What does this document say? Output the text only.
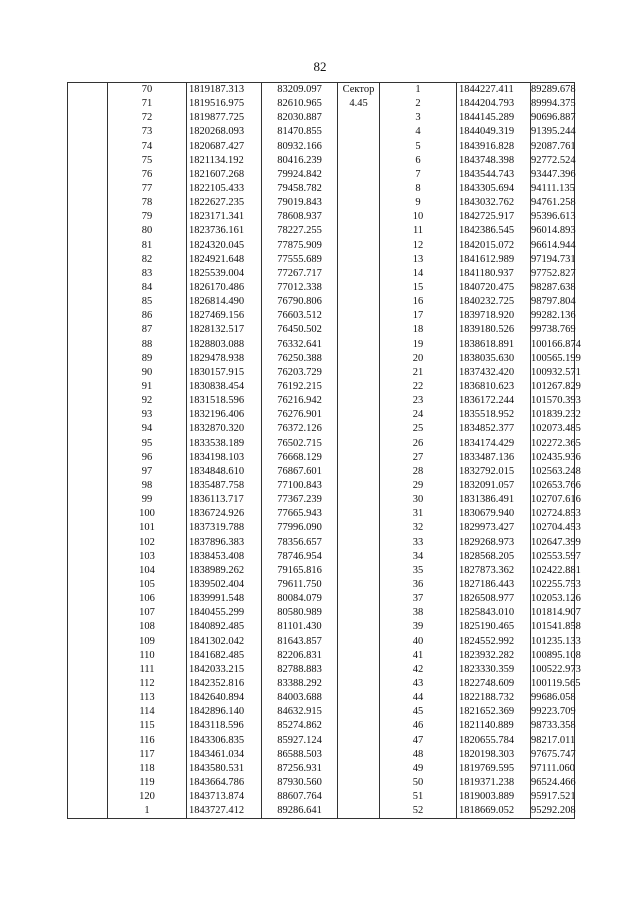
82
	70	1819187.313	83209.097	Сектор	1	1844227.411	89289.678
	71	1819516.975	82610.965	4.45	2	1844204.793	89994.375
	72	1819877.725	82030.887		3	1844145.289	90696.887
	73	1820268.093	81470.855		4	1844049.319	91395.244
	74	1820687.427	80932.166		5	1843916.828	92087.761
	75	1821134.192	80416.239		6	1843748.398	92772.524
	76	1821607.268	79924.842		7	1843544.743	93447.396
	77	1822105.433	79458.782		8	1843305.694	94111.135
	78	1822627.235	79019.843		9	1843032.762	94761.258
	79	1823171.341	78608.937		10	1842725.917	95396.613
	80	1823736.161	78227.255		11	1842386.545	96014.893
	81	1824320.045	77875.909		12	1842015.072	96614.944
	82	1824921.648	77555.689		13	1841612.989	97194.731
	83	1825539.004	77267.717		14	1841180.937	97752.827
	84	1826170.486	77012.338		15	1840720.475	98287.638
	85	1826814.490	76790.806		16	1840232.725	98797.804
	86	1827469.156	76603.512		17	1839718.920	99282.136
	87	1828132.517	76450.502		18	1839180.526	99738.769
	88	1828803.088	76332.641		19	1838618.891	100166.874
	89	1829478.938	76250.388		20	1838035.630	100565.199
	90	1830157.915	76203.729		21	1837432.420	100932.571
	91	1830838.454	76192.215		22	1836810.623	101267.829
	92	1831518.596	76216.942		23	1836172.244	101570.393
	93	1832196.406	76276.901		24	1835518.952	101839.232
	94	1832870.320	76372.126		25	1834852.377	102073.485
	95	1833538.189	76502.715		26	1834174.429	102272.365
	96	1834198.103	76668.129		27	1833487.136	102435.936
	97	1834848.610	76867.601		28	1832792.015	102563.248
	98	1835487.758	77100.843		29	1832091.057	102653.766
	99	1836113.717	77367.239		30	1831386.491	102707.616
	100	1836724.926	77665.943		31	1830679.940	102724.853
	101	1837319.788	77996.090		32	1829973.427	102704.453
	102	1837896.383	78356.657		33	1829268.973	102647.399
	103	1838453.408	78746.954		34	1828568.205	102553.597
	104	1838989.262	79165.816		35	1827873.362	102422.881
	105	1839502.404	79611.750		36	1827186.443	102255.753
	106	1839991.548	80084.079		37	1826508.977	102053.126
	107	1840455.299	80580.989		38	1825843.010	101814.907
	108	1840892.485	81101.430		39	1825190.465	101541.858
	109	1841302.042	81643.857		40	1824552.992	101235.133
	110	1841682.485	82206.831		41	1823932.282	100895.108
	111	1842033.215	82788.883		42	1823330.359	100522.973
	112	1842352.816	83388.292		43	1822748.609	100119.565
	113	1842640.894	84003.688		44	1822188.732	99686.058
	114	1842896.140	84632.915		45	1821652.369	99223.709
	115	1843118.596	85274.862		46	1821140.889	98733.358
	116	1843306.835	85927.124		47	1820655.784	98217.011
	117	1843461.034	86588.503		48	1820198.303	97675.747
	118	1843580.531	87256.931		49	1819769.595	97111.060
	119	1843664.786	87930.560		50	1819371.238	96524.466
	120	1843713.874	88607.764		51	1819003.889	95917.521
	1	1843727.412	89286.641		52	1818669.052	95292.208
